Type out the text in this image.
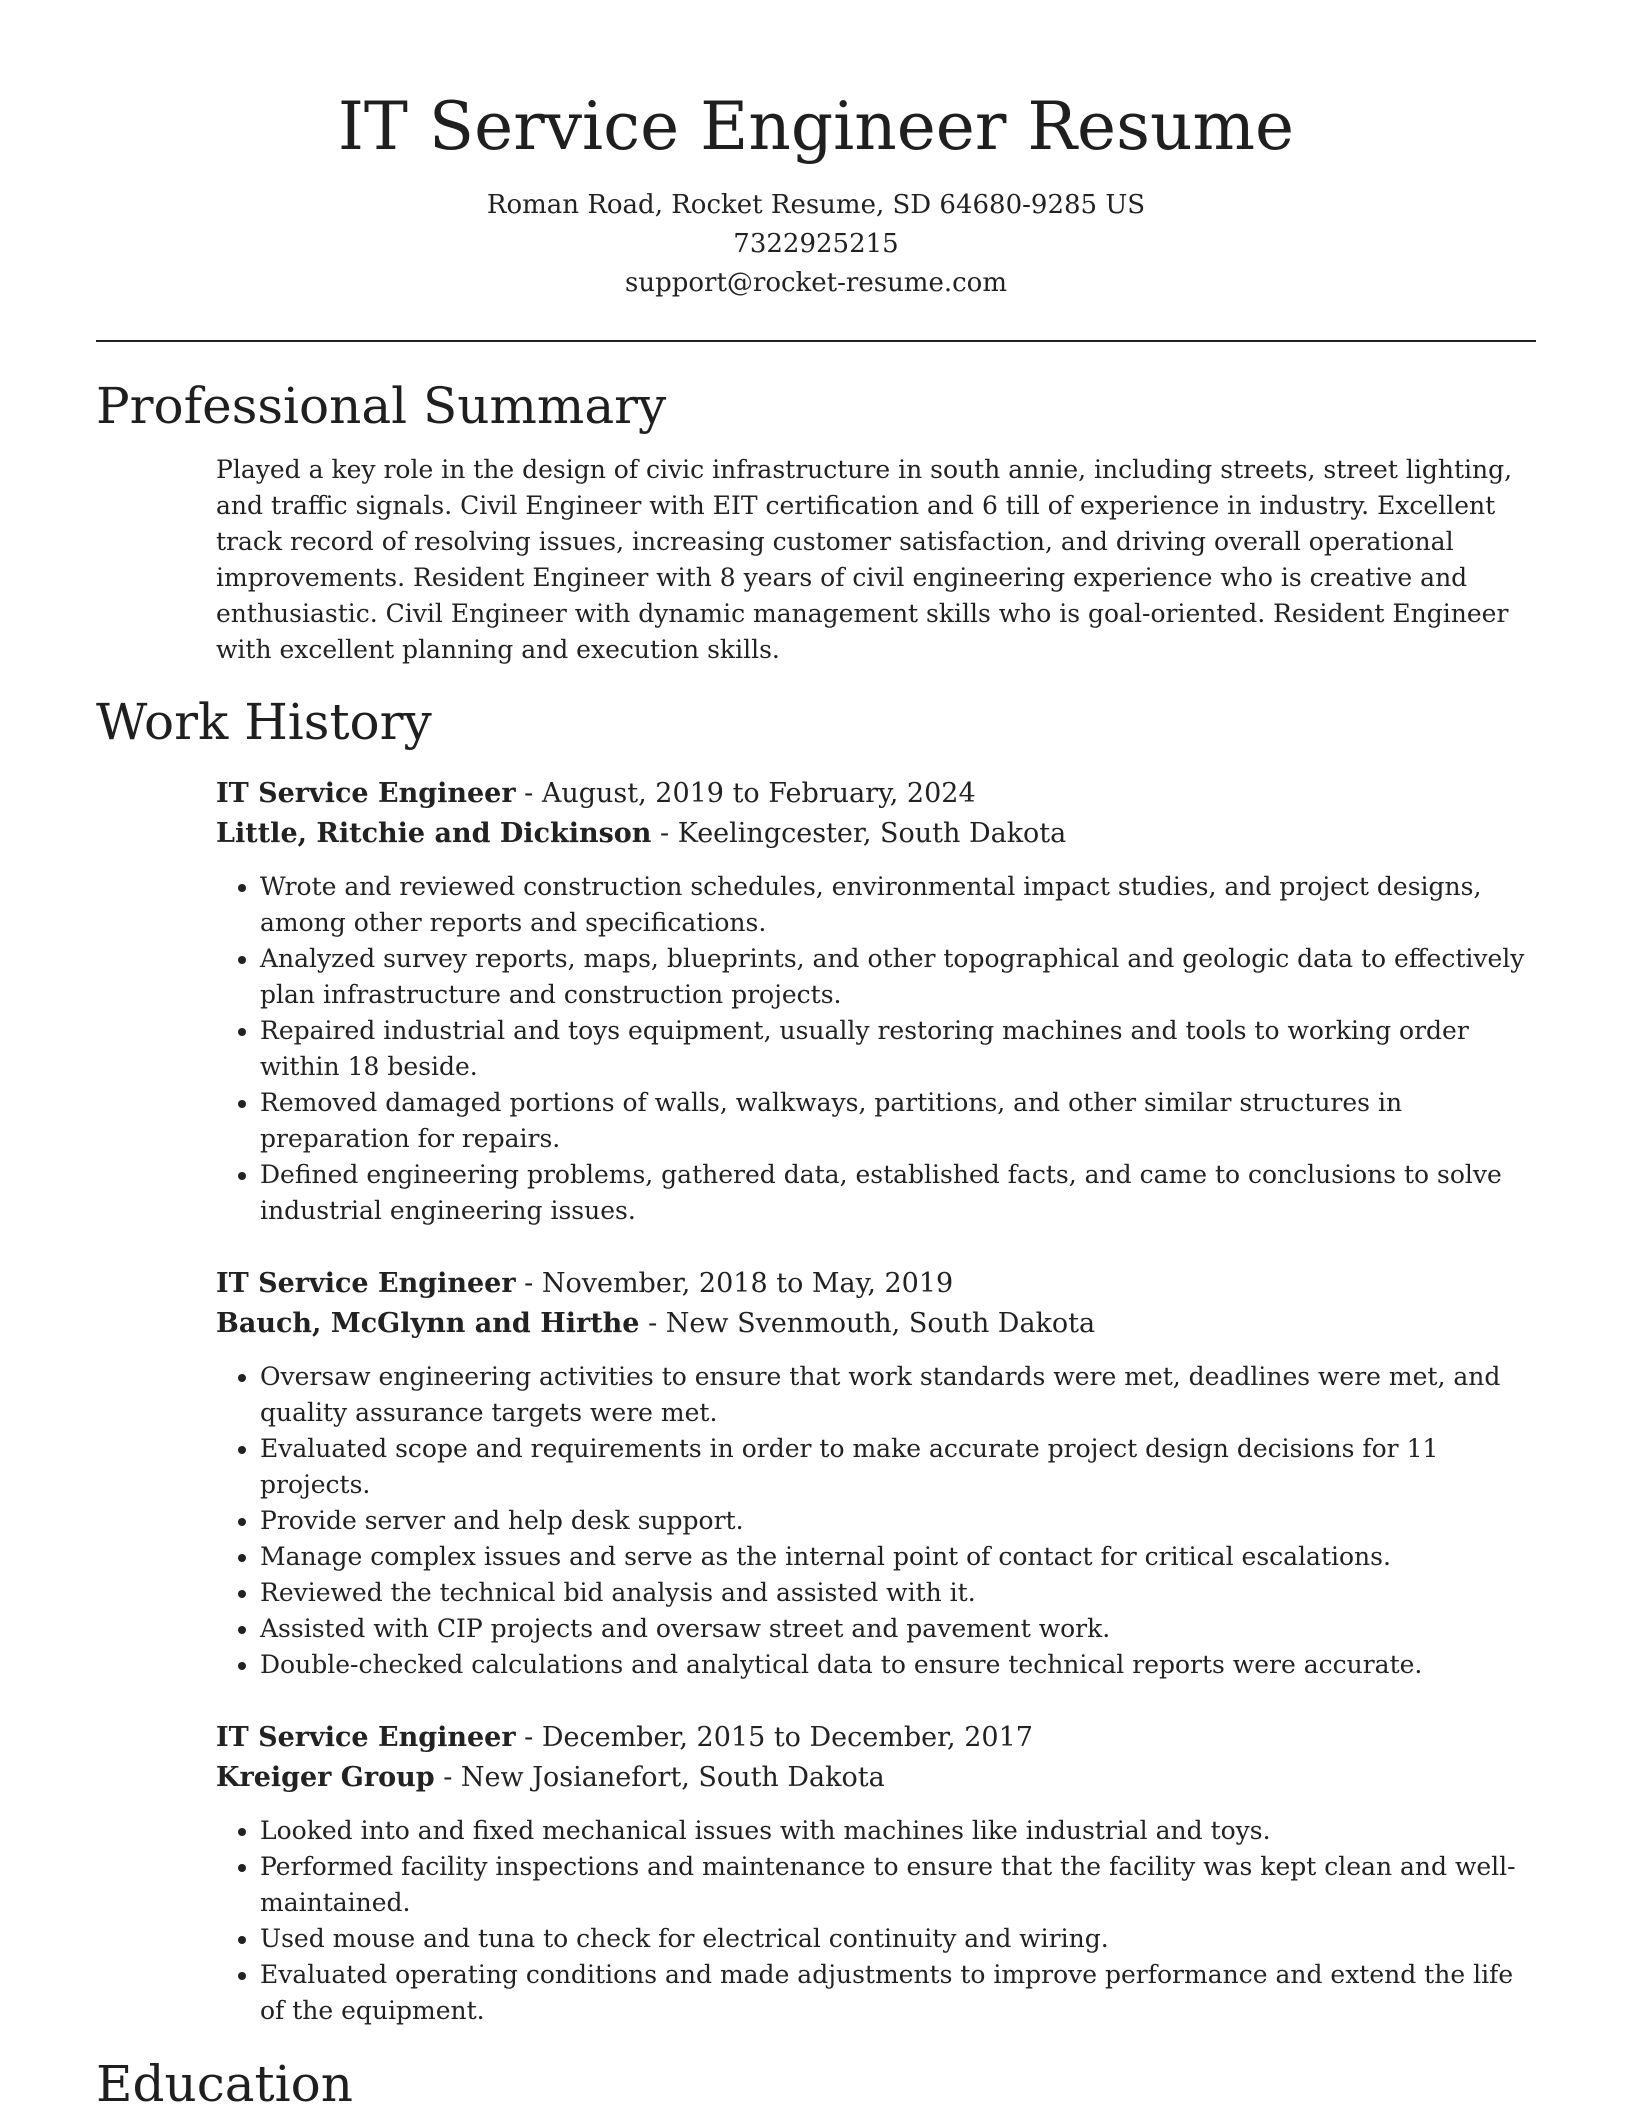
IT Service Engineer Resume

Roman Road, Rocket Resume, SD 64680-9285 US

7322925215

support@rocket-resume.com

Professional Summary

Played a key role in the design of civic infrastructure in south annie, including streets, street lighting, and traffic signals. Civil Engineer with EIT certification and 6 till of experience in industry. Excellent track record of resolving issues, increasing customer satisfaction, and driving overall operational improvements. Resident Engineer with 8 years of civil engineering experience who is creative and enthusiastic. Civil Engineer with dynamic management skills who is goal-oriented. Resident Engineer with excellent planning and execution skills.

Work History

IT Service Engineer - August, 2019 to February, 2024

Little, Ritchie and Dickinson - Keelingcester, South Dakota

• Wrote and reviewed construction schedules, environmental impact studies, and project designs, among other reports and specifications.
• Analyzed survey reports, maps, blueprints, and other topographical and geologic data to effectively plan infrastructure and construction projects.
• Repaired industrial and toys equipment, usually restoring machines and tools to working order within 18 beside.
• Removed damaged portions of walls, walkways, partitions, and other similar structures in preparation for repairs.
• Defined engineering problems, gathered data, established facts, and came to conclusions to solve industrial engineering issues.

IT Service Engineer - November, 2018 to May, 2019

Bauch, McGlynn and Hirthe - New Svenmouth, South Dakota

• Oversaw engineering activities to ensure that work standards were met, deadlines were met, and quality assurance targets were met.
• Evaluated scope and requirements in order to make accurate project design decisions for 11 projects.
• Provide server and help desk support.
• Manage complex issues and serve as the internal point of contact for critical escalations.
• Reviewed the technical bid analysis and assisted with it.
• Assisted with CIP projects and oversaw street and pavement work.
• Double-checked calculations and analytical data to ensure technical reports were accurate.

IT Service Engineer - December, 2015 to December, 2017

Kreiger Group - New Josianefort, South Dakota

• Looked into and fixed mechanical issues with machines like industrial and toys.
• Performed facility inspections and maintenance to ensure that the facility was kept clean and well-maintained.
• Used mouse and tuna to check for electrical continuity and wiring.
• Evaluated operating conditions and made adjustments to improve performance and extend the life of the equipment.
Education
